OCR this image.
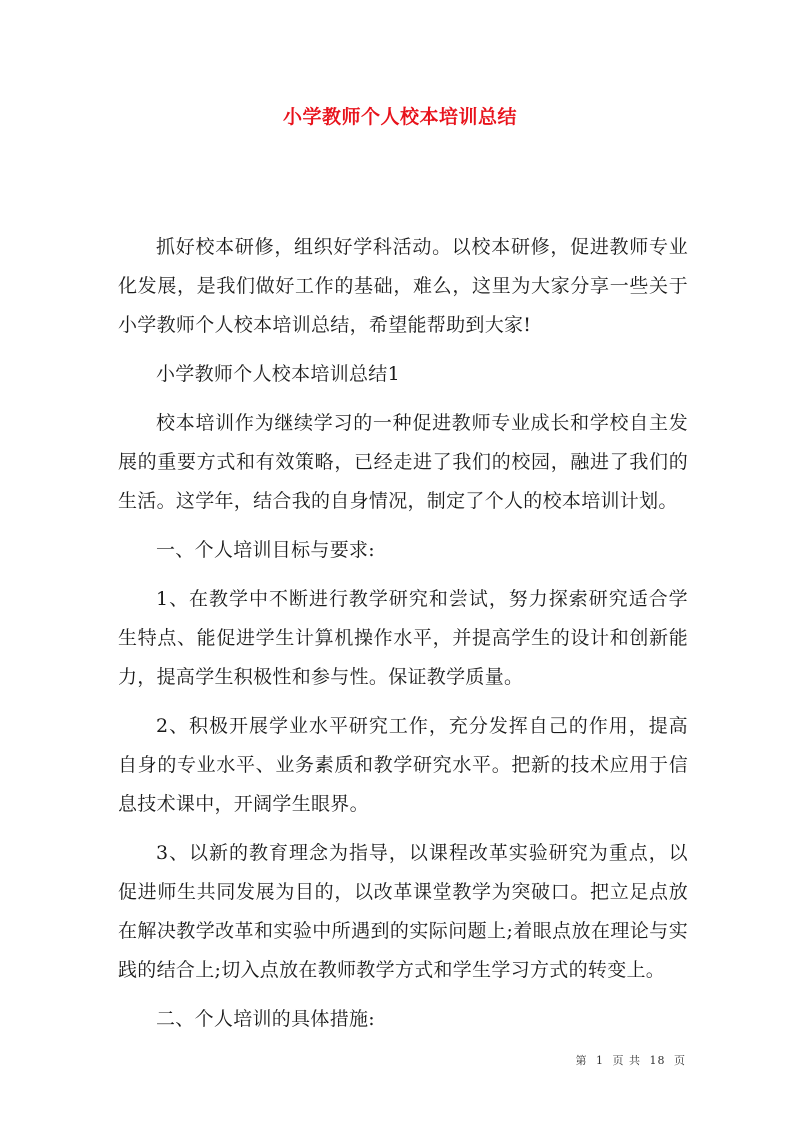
小学教师个人校本培训总结

抓好校本研修，组织好学科活动。以校本研修，促进教师专业化发展，是我们做好工作的基础，难么，这里为大家分享一些关于小学教师个人校本培训总结，希望能帮助到大家!

小学教师个人校本培训总结1

校本培训作为继续学习的一种促进教师专业成长和学校自主发展的重要方式和有效策略，已经走进了我们的校园，融进了我们的生活。这学年，结合我的自身情况，制定了个人的校本培训计划。

一、个人培训目标与要求:

1、在教学中不断进行教学研究和尝试，努力探索研究适合学生特点、能促进学生计算机操作水平，并提高学生的设计和创新能力，提高学生积极性和参与性。保证教学质量。

2、积极开展学业水平研究工作，充分发挥自己的作用，提高自身的专业水平、业务素质和教学研究水平。把新的技术应用于信息技术课中，开阔学生眼界。

3、以新的教育理念为指导，以课程改革实验研究为重点，以促进师生共同发展为目的，以改革课堂教学为突破口。把立足点放在解决教学改革和实验中所遇到的实际问题上;着眼点放在理论与实践的结合上;切入点放在教师教学方式和学生学习方式的转变上。

二、个人培训的具体措施:

第 1 页 共 18 页
